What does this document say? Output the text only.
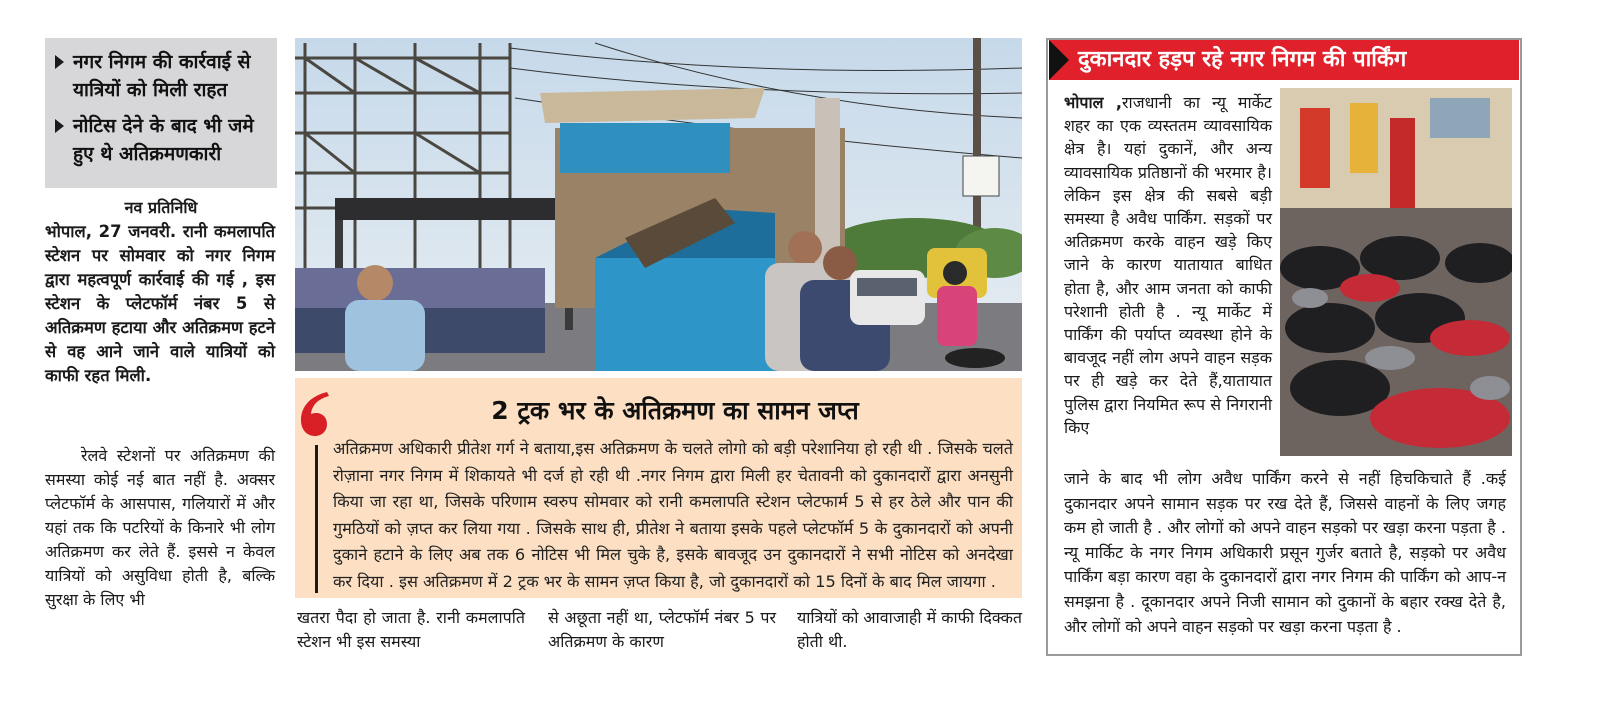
नगर निगम की कार्रवाई से यात्रियों को मिली राहत
नोटिस देने के बाद भी जमे हुए थे अतिक्रमणकारी
नव प्रतिनिधि
भोपाल, 27 जनवरी. रानी कमलापति स्टेशन पर सोमवार को नगर निगम द्वारा महत्वपूर्ण कार्रवाई की गई , इस स्टेशन के प्लेटफॉर्म नंबर 5 से अतिक्रमण हटाया और अतिक्रमण हटने से वह आने जाने वाले यात्रियों को काफी रहत मिली.
रेलवे स्टेशनों पर अतिक्रमण की समस्या कोई नई बात नहीं है. अक्सर प्लेटफॉर्म के आसपास, गलियारों में और यहां तक कि पटरियों के किनारे भी लोग अतिक्रमण कर लेते हैं. इससे न केवल यात्रियों को असुविधा होती है, बल्कि सुरक्षा के लिए भी
2 ट्रक भर के अतिक्रमण का सामन जप्त
अतिक्रमण अधिकारी प्रीतेश गर्ग ने बताया,इस अतिक्रमण के चलते लोगो को बड़ी परेशानिया हो रही थी . जिसके चलते रोज़ाना नगर निगम में शिकायते भी दर्ज हो रही थी .नगर निगम द्वारा मिली हर चेतावनी को दुकानदारों द्वारा अनसुनी किया जा रहा था, जिसके परिणाम स्वरुप सोमवार को रानी कमलापति स्टेशन प्लेटफार्म 5 से हर ठेले और पान की गुमठियों को ज़प्त कर लिया गया . जिसके साथ ही, प्रीतेश ने बताया इसके पहले प्लेटफॉर्म 5 के दुकानदारों को अपनी दुकाने हटाने के लिए अब तक 6 नोटिस भी मिल चुके है, इसके बावजूद उन दुकानदारों ने सभी नोटिस को अनदेखा कर दिया . इस अतिक्रमण में 2 ट्रक भर के सामन ज़प्त किया है, जो दुकानदारों को 15 दिनों के बाद मिल जायगा .
खतरा पैदा हो जाता है. रानी कमलापति स्टेशन भी इस समस्या
से अछूता नहीं था, प्लेटफॉर्म नंबर 5 पर अतिक्रमण के कारण
यात्रियों को आवाजाही में काफी दिक्कत होती थी.
दुकानदार हड़प रहे नगर निगम की पार्किंग
भोपाल ,राजधानी का न्यू मार्केट शहर का एक व्यस्ततम व्यावसायिक क्षेत्र है। यहां दुकानें, और अन्य व्यावसायिक प्रतिष्ठानों की भरमार है। लेकिन इस क्षेत्र की सबसे बड़ी समस्या है अवैध पार्किंग. सड़कों पर अतिक्रमण करके वाहन खड़े किए जाने के कारण यातायात बाधित होता है, और आम जनता को काफी परेशानी होती है . न्यू मार्केट में पार्किंग की पर्याप्त व्यवस्था होने के बावजूद नहीं लोग अपने वाहन सड़क पर ही खड़े कर देते हैं,यातायात पुलिस द्वारा नियमित रूप से निगरानी किए
जाने के बाद भी लोग अवैध पार्किंग करने से नहीं हिचकिचाते हैं .कई दुकानदार अपने सामान सड़क पर रख देते हैं, जिससे वाहनों के लिए जगह कम हो जाती है . और लोगों को अपने वाहन सड़को पर खड़ा करना पड़ता है . न्यू मार्किट के नगर निगम अधिकारी प्रसून गुर्जर बताते है, सड़को पर अवैध पार्किंग बड़ा कारण वहा के दुकानदारों द्वारा नगर निगम की पार्किंग को आप-न समझना है . दूकानदार अपने निजी सामान को दुकानों के बहार रक्ख देते है, और लोगों को अपने वाहन सड़को पर खड़ा करना पड़ता है .
